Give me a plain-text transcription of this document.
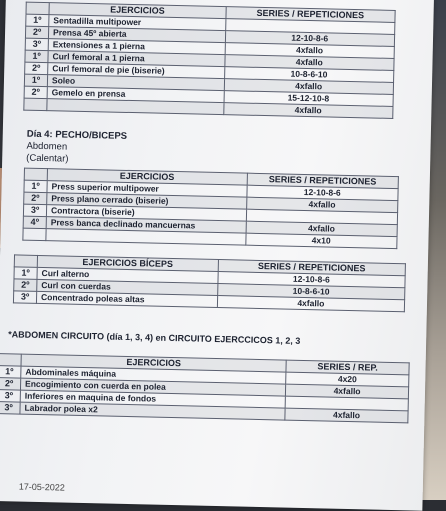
	EJERCICIOS	SERIES / REPETICIONES
1º	Sentadilla multipower	
2º	Prensa 45º abierta	12-10-8-6
3º	Extensiones a 1 pierna	4xfallo
1º	Curl femoral a 1 pierna	4xfallo
2º	Curl femoral de pie (biserie)	10-8-6-10
1º	Soleo	4xfallo
2º	Gemelo en prensa	15-12-10-8
		4xfallo
Día 4: PECHO/BICEPS
Abdomen
(Calentar)
	EJERCICIOS	SERIES / REPETICIONES
1º	Press superior multipower	12-10-8-6
2º	Press plano cerrado (biserie)	4xfallo
3º	Contractora (biserie)	
4º	Press banca declinado mancuernas	4xfallo
		4x10
	EJERCICIOS BÍCEPS	SERIES / REPETICIONES
1º	Curl alterno	12-10-8-6
2º	Curl con cuerdas	10-8-6-10
3º	Concentrado poleas altas	4xfallo
*ABDOMEN CIRCUITO (día 1, 3, 4) en CIRCUITO EJERCCICOS 1, 2, 3
	EJERCICIOS	SERIES / REP.
1º	Abdominales máquina	4x20
2º	Encogimiento con cuerda en polea	4xfallo
3º	Inferiores en maquina de fondos	
3º	Labrador polea x2	4xfallo
17-05-2022
